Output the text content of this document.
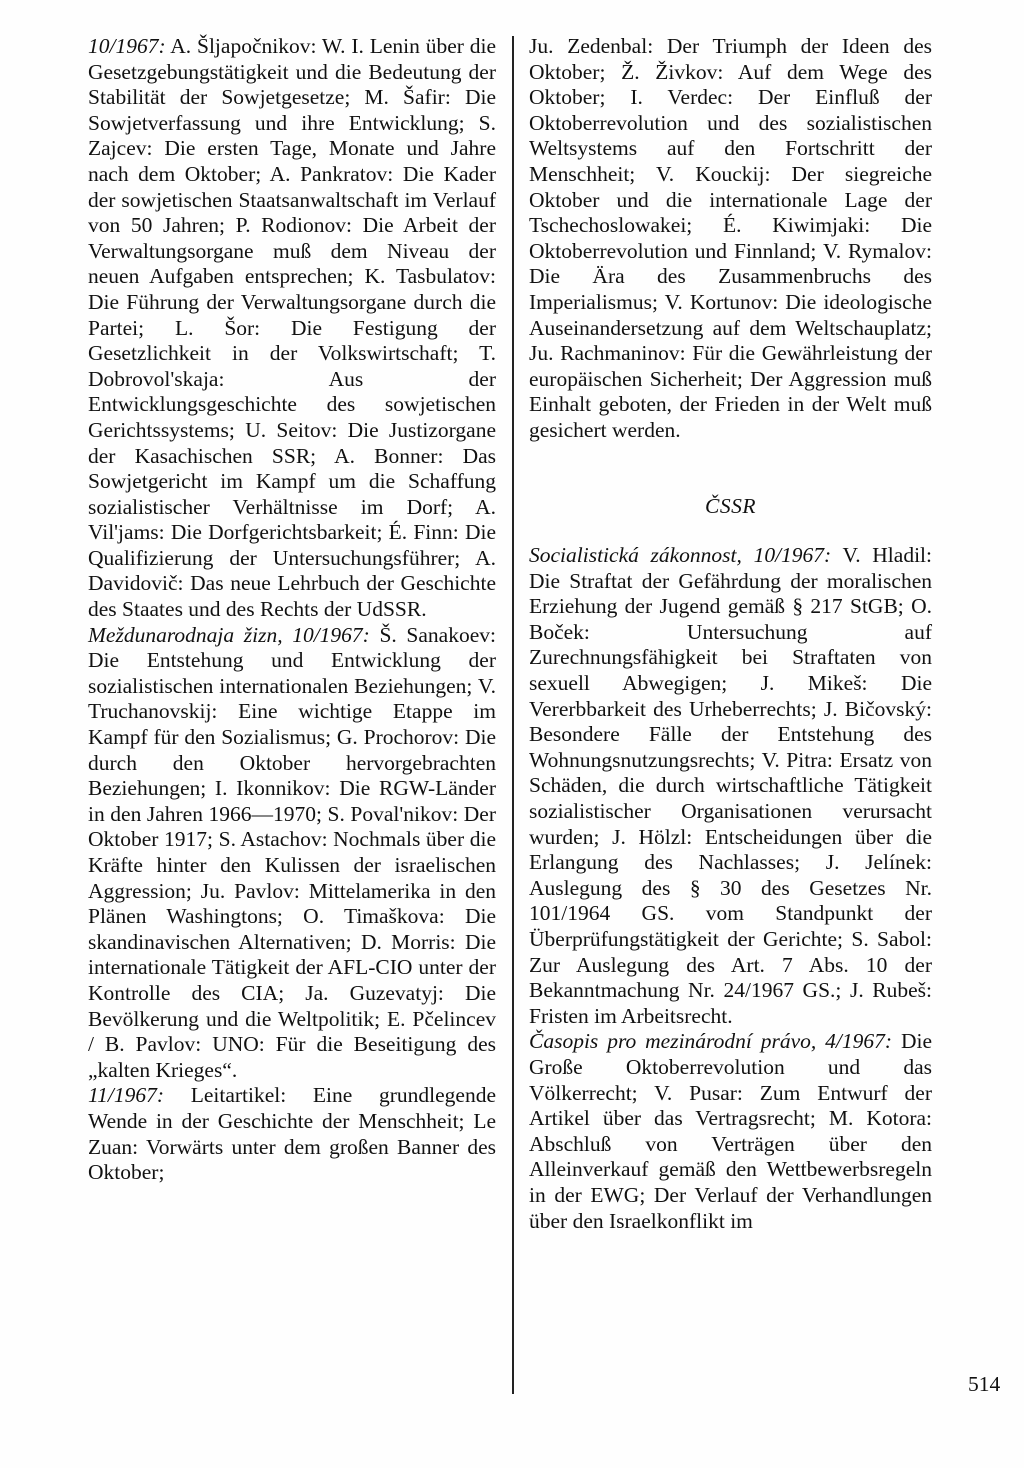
10/1967: A. Šljapočnikov: W. I. Lenin über die Gesetzgebungstätigkeit und die Bedeutung der Stabilität der Sowjetgesetze; M. Šafir: Die Sowjetverfassung und ihre Entwicklung; S. Zajcev: Die ersten Tage, Monate und Jahre nach dem Oktober; A. Pankratov: Die Kader der sowjetischen Staatsanwaltschaft im Verlauf von 50 Jahren; P. Rodionov: Die Arbeit der Verwaltungsorgane muß dem Niveau der neuen Aufgaben entsprechen; K. Tasbulatov: Die Führung der Verwaltungsorgane durch die Partei; L. Šor: Die Festigung der Gesetzlichkeit in der Volkswirtschaft; T. Dobrovol'skaja: Aus der Entwicklungsgeschichte des sowjetischen Gerichtssystems; U. Seitov: Die Justizorgane der Kasachischen SSR; A. Bonner: Das Sowjetgericht im Kampf um die Schaffung sozialistischer Verhältnisse im Dorf; A. Vil'jams: Die Dorfgerichtsbarkeit; É. Finn: Die Qualifizierung der Untersuchungsführer; A. Davidovič: Das neue Lehrbuch der Geschichte des Staates und des Rechts der UdSSR.

Meždunarodnaja žizn, 10/1967: Š. Sanakoev: Die Entstehung und Entwicklung der sozialistischen internationalen Beziehungen; V. Truchanovskij: Eine wichtige Etappe im Kampf für den Sozialismus; G. Prochorov: Die durch den Oktober hervorgebrachten Beziehungen; I. Ikonnikov: Die RGW-Länder in den Jahren 1966—1970; S. Poval'nikov: Der Oktober 1917; S. Astachov: Nochmals über die Kräfte hinter den Kulissen der israelischen Aggression; Ju. Pavlov: Mittelamerika in den Plänen Washingtons; O. Timaškova: Die skandinavischen Alternativen; D. Morris: Die internationale Tätigkeit der AFL-CIO unter der Kontrolle des CIA; Ja. Guzevatyj: Die Bevölkerung und die Weltpolitik; E. Pčelincev / B. Pavlov: UNO: Für die Beseitigung des „kalten Krieges“.

11/1967: Leitartikel: Eine grundlegende Wende in der Geschichte der Menschheit; Le Zuan: Vorwärts unter dem großen Banner des Oktober;

Ju. Zedenbal: Der Triumph der Ideen des Oktober; Ž. Živkov: Auf dem Wege des Oktober; I. Verdec: Der Einfluß der Oktoberrevolution und des sozialistischen Weltsystems auf den Fortschritt der Menschheit; V. Kouckij: Der siegreiche Oktober und die internationale Lage der Tschechoslowakei; É. Kiwimjaki: Die Oktoberrevolution und Finnland; V. Rymalov: Die Ära des Zusammenbruchs des Imperialismus; V. Kortunov: Die ideologische Auseinandersetzung auf dem Weltschauplatz; Ju. Rachmaninov: Für die Gewährleistung der europäischen Sicherheit; Der Aggression muß Einhalt geboten, der Frieden in der Welt muß gesichert werden.

ČSSR

Socialistická zákonnost, 10/1967: V. Hladil: Die Straftat der Gefährdung der moralischen Erziehung der Jugend gemäß § 217 StGB; O. Boček: Untersuchung auf Zurechnungsfähigkeit bei Straftaten von sexuell Abwegigen; J. Mikeš: Die Vererbbarkeit des Urheberrechts; J. Bičovský: Besondere Fälle der Entstehung des Wohnungsnutzungsrechts; V. Pitra: Ersatz von Schäden, die durch wirtschaftliche Tätigkeit sozialistischer Organisationen verursacht wurden; J. Hölzl: Entscheidungen über die Erlangung des Nachlasses; J. Jelínek: Auslegung des § 30 des Gesetzes Nr. 101/1964 GS. vom Standpunkt der Überprüfungstätigkeit der Gerichte; S. Sabol: Zur Auslegung des Art. 7 Abs. 10 der Bekanntmachung Nr. 24/1967 GS.; J. Rubeš: Fristen im Arbeitsrecht.

Časopis pro mezinárodní právo, 4/1967: Die Große Oktoberrevolution und das Völkerrecht; V. Pusar: Zum Entwurf der Artikel über das Vertragsrecht; M. Kotora: Abschluß von Verträgen über den Alleinverkauf gemäß den Wettbewerbsregeln in der EWG; Der Verlauf der Verhandlungen über den Israelkonflikt im

514
